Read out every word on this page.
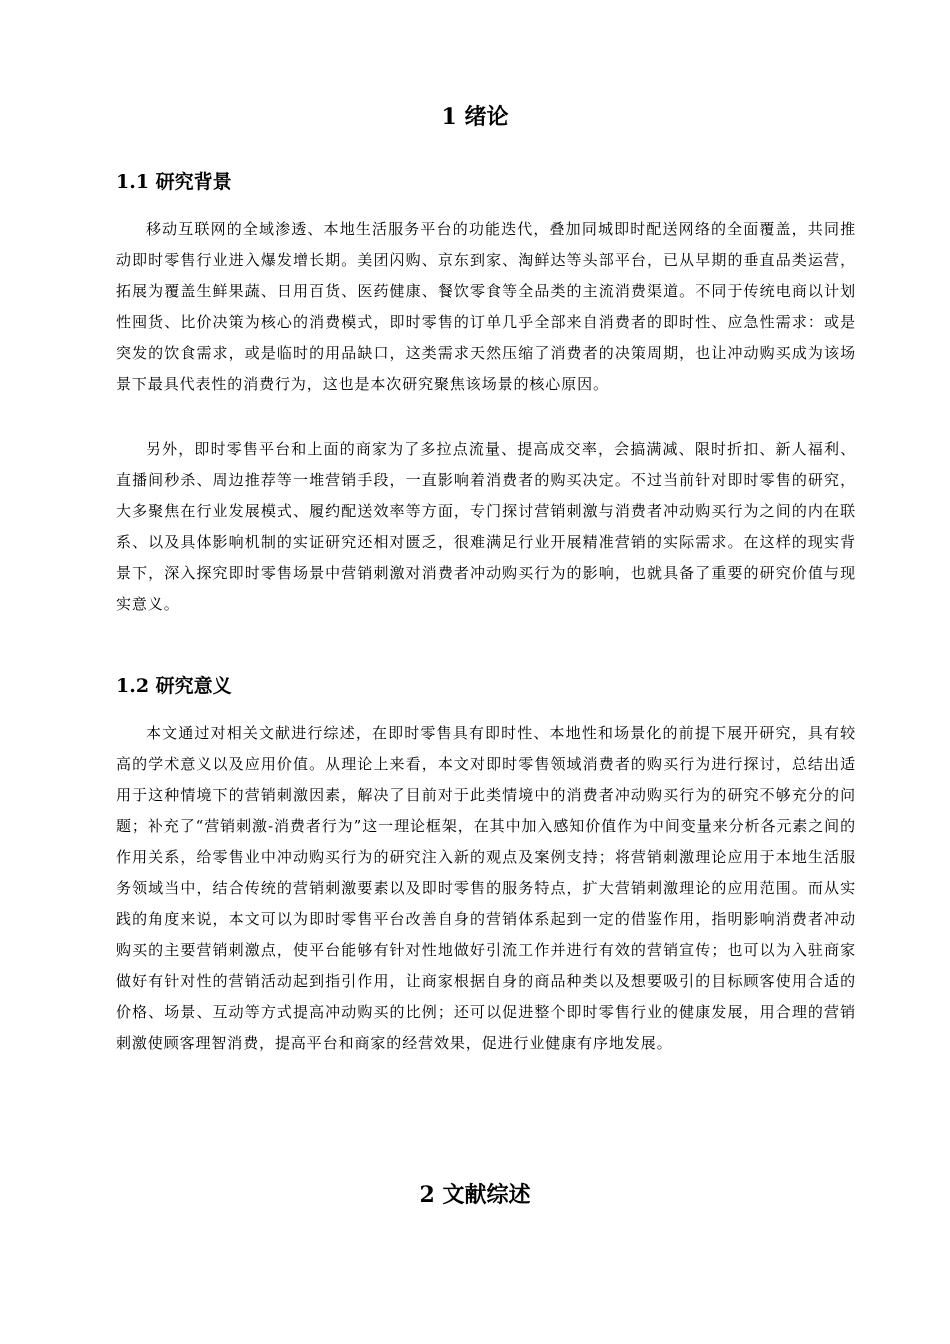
1 绪论
1.1 研究背景

移动互联网的全域渗透、本地生活服务平台的功能迭代，叠加同城即时配送网络的全面覆盖，共同推动即时零售行业进入爆发增长期。美团闪购、京东到家、淘鲜达等头部平台，已从早期的垂直品类运营，拓展为覆盖生鲜果蔬、日用百货、医药健康、餐饮零食等全品类的主流消费渠道。不同于传统电商以计划性囤货、比价决策为核心的消费模式，即时零售的订单几乎全部来自消费者的即时性、应急性需求：或是突发的饮食需求，或是临时的用品缺口，这类需求天然压缩了消费者的决策周期，也让冲动购买成为该场景下最具代表性的消费行为，这也是本次研究聚焦该场景的核心原因。

另外，即时零售平台和上面的商家为了多拉点流量、提高成交率，会搞满减、限时折扣、新人福利、直播间秒杀、周边推荐等一堆营销手段，一直影响着消费者的购买决定。不过当前针对即时零售的研究，大多聚焦在行业发展模式、履约配送效率等方面，专门探讨营销刺激与消费者冲动购买行为之间的内在联系、以及具体影响机制的实证研究还相对匮乏，很难满足行业开展精准营销的实际需求。在这样的现实背景下，深入探究即时零售场景中营销刺激对消费者冲动购买行为的影响，也就具备了重要的研究价值与现实意义。

1.2 研究意义

本文通过对相关文献进行综述，在即时零售具有即时性、本地性和场景化的前提下展开研究，具有较高的学术意义以及应用价值。从理论上来看，本文对即时零售领域消费者的购买行为进行探讨，总结出适用于这种情境下的营销刺激因素，解决了目前对于此类情境中的消费者冲动购买行为的研究不够充分的问题；补充了“营销刺激-消费者行为”这一理论框架，在其中加入感知价值作为中间变量来分析各元素之间的作用关系，给零售业中冲动购买行为的研究注入新的观点及案例支持；将营销刺激理论应用于本地生活服务领域当中，结合传统的营销刺激要素以及即时零售的服务特点，扩大营销刺激理论的应用范围。而从实践的角度来说，本文可以为即时零售平台改善自身的营销体系起到一定的借鉴作用，指明影响消费者冲动购买的主要营销刺激点，使平台能够有针对性地做好引流工作并进行有效的营销宣传；也可以为入驻商家做好有针对性的营销活动起到指引作用，让商家根据自身的商品种类以及想要吸引的目标顾客使用合适的价格、场景、互动等方式提高冲动购买的比例；还可以促进整个即时零售行业的健康发展，用合理的营销刺激使顾客理智消费，提高平台和商家的经营效果，促进行业健康有序地发展。

2 文献综述
